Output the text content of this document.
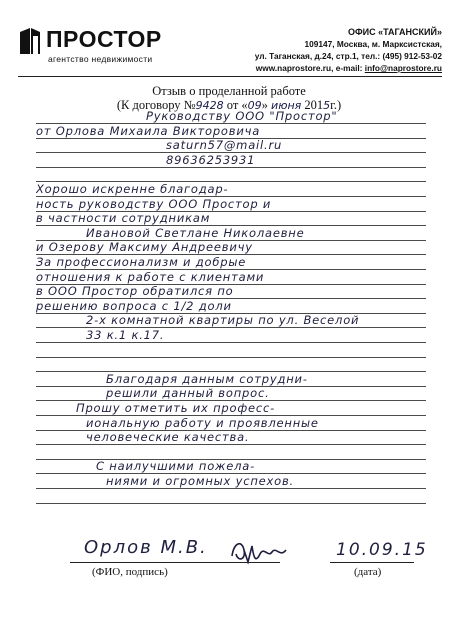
ПРОСТОР
агентство недвижимости
ОФИС «ТАГАНСКИЙ»
109147, Москва, м. Марксистская,
ул. Таганская, д.24, стр.1, тел.: (495) 912-53-02
www.naprostore.ru, e-mail: info@naprostore.ru
Отзыв о проделанной работе
(К договору №9428 от «09» июня 2015г.)
Руководству ООО "Простор"
от Орлова Михаила Викторовича
saturn57@mail.ru
89636253931
Хорошо искренне благодар-
ность руководству ООО Простор и
в частности сотрудникам
Ивановой Светлане Николаевне
и Озерову Максиму Андреевичу
За профессионализм и добрые
отношения к работе с клиентами
в ООО Простор обратился по
решению вопроса с 1/2 доли
2-х комнатной квартиры по ул. Веселой
33 к.1 к.17.
Благодаря данным сотрудни-
решили данный вопрос.
Прошу отметить их професс-
иональную работу и проявленные
человеческие качества.
С наилучшими пожела-
ниями и огромных успехов.
Орлов М.В.	10.09.15
(ФИО, подпись)	(дата)
